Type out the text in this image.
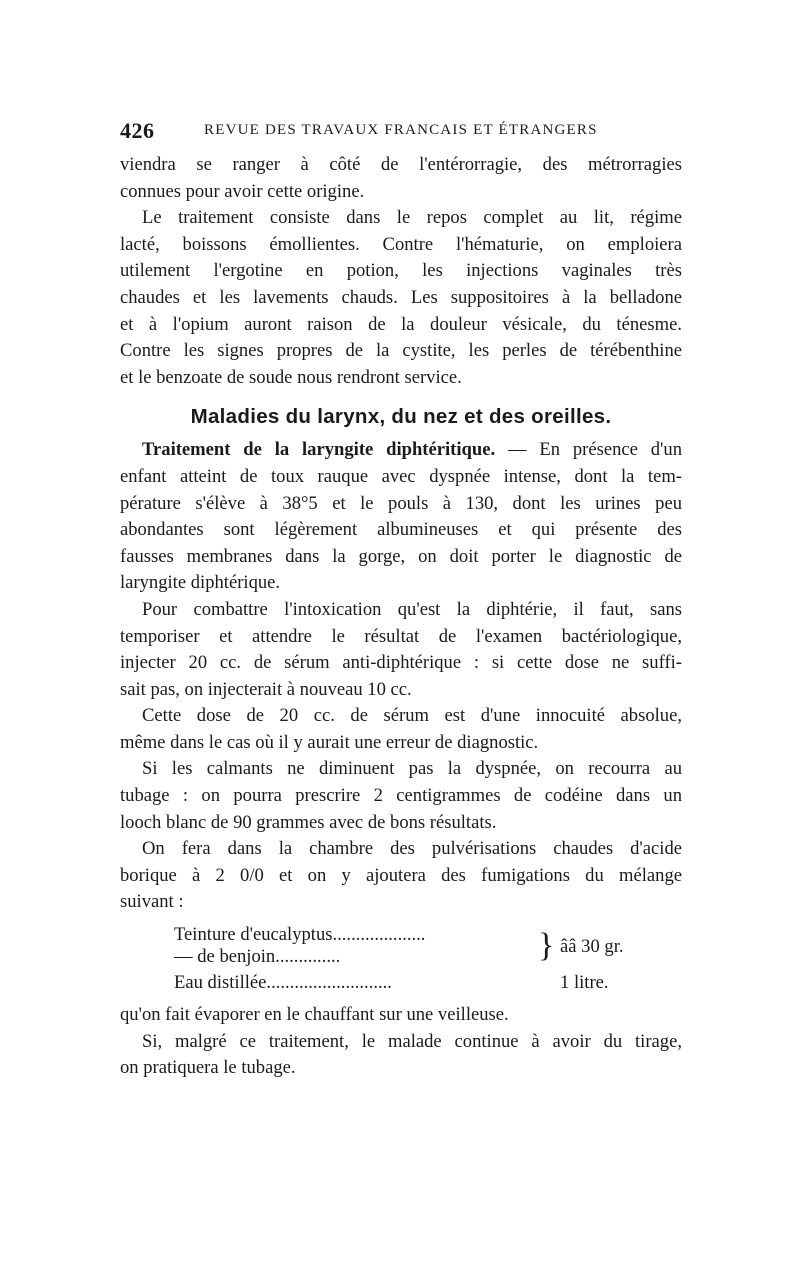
426	REVUE DES TRAVAUX FRANCAIS ET ÉTRANGERS
viendra se ranger à côté de l'entérorragie, des métrorragies
connues pour avoir cette origine.
Le traitement consiste dans le repos complet au lit, régime
lacté, boissons émollientes. Contre l'hématurie, on emploiera
utilement l'ergotine en potion, les injections vaginales très
chaudes et les lavements chauds. Les suppositoires à la belladone
et à l'opium auront raison de la douleur vésicale, du ténesme.
Contre les signes propres de la cystite, les perles de térébenthine
et le benzoate de soude nous rendront service.
Maladies du larynx, du nez et des oreilles.
Traitement de la laryngite diphtéritique. — En présence d'un
enfant atteint de toux rauque avec dyspnée intense, dont la tem-
pérature s'élève à 38°5 et le pouls à 130, dont les urines peu
abondantes sont légèrement albumineuses et qui présente des
fausses membranes dans la gorge, on doit porter le diagnostic de
laryngite diphtérique.
Pour combattre l'intoxication qu'est la diphtérie, il faut, sans
temporiser et attendre le résultat de l'examen bactériologique,
injecter 20 cc. de sérum anti-diphtérique : si cette dose ne suffi-
sait pas, on injecterait à nouveau 10 cc.
Cette dose de 20 cc. de sérum est d'une innocuité absolue,
même dans le cas où il y aurait une erreur de diagnostic.
Si les calmants ne diminuent pas la dyspnée, on recourra au
tubage : on pourra prescrire 2 centigrammes de codéine dans un
looch blanc de 90 grammes avec de bons résultats.
On fera dans la chambre des pulvérisations chaudes d'acide
borique à 2 0/0 et on y ajoutera des fumigations du mélange
suivant :
Teinture d'eucalyptus....................
— de benjoin..............
Eau distillée...........................
} ââ 30 gr.
1 litre.
qu'on fait évaporer en le chauffant sur une veilleuse.
Si, malgré ce traitement, le malade continue à avoir du tirage,
on pratiquera le tubage.
